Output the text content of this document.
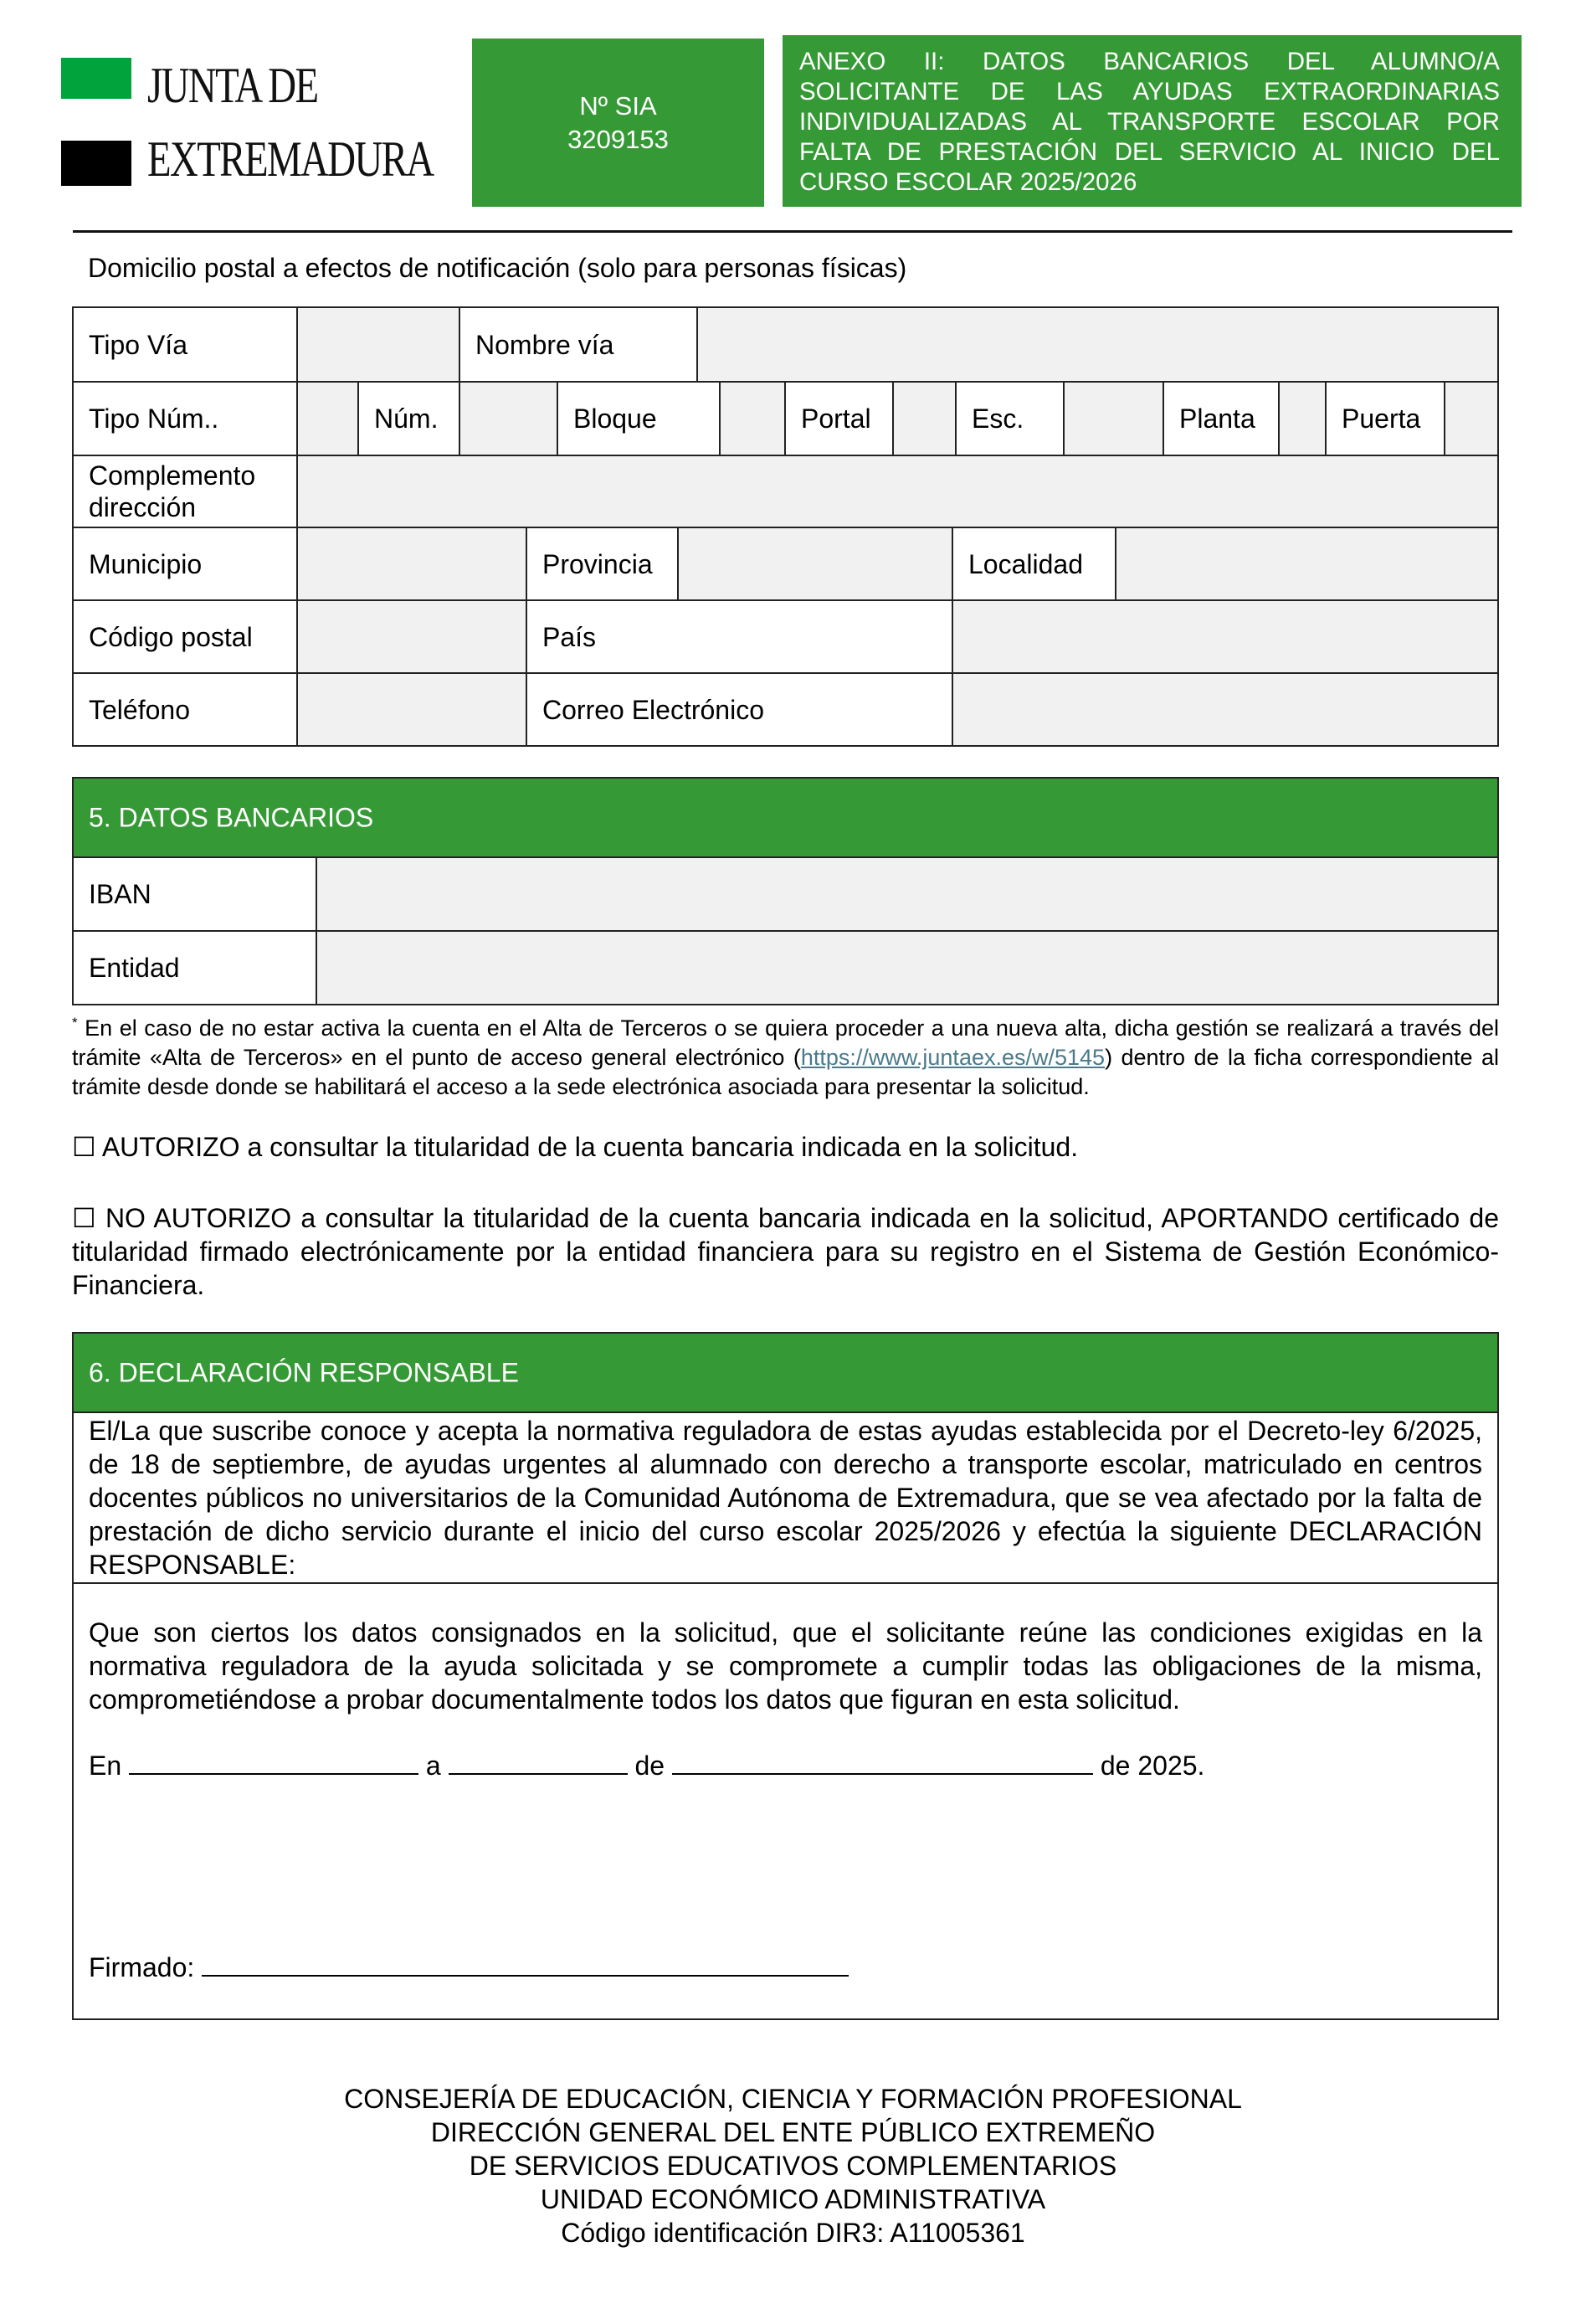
JUNTA DE
EXTREMADURA
Nº SIA
3209153
ANEXO II: DATOS BANCARIOS DEL ALUMNO/A SOLICITANTE DE LAS AYUDAS EXTRAORDINARIAS INDIVIDUALIZADAS AL TRANSPORTE ESCOLAR POR FALTA DE PRESTACIÓN DEL SERVICIO AL INICIO DEL CURSO ESCOLAR 2025/2026
Domicilio postal a efectos de notificación (solo para personas físicas)
Tipo Vía	Nombre vía
Tipo Núm..	Núm.	Bloque	Portal	Esc.	Planta	Puerta
Complemento dirección
Municipio	Provincia	Localidad
Código postal	País
Teléfono	Correo Electrónico
5. DATOS BANCARIOS
IBAN
Entidad
* En el caso de no estar activa la cuenta en el Alta de Terceros o se quiera proceder a una nueva alta, dicha gestión se realizará a través del trámite «Alta de Terceros» en el punto de acceso general electrónico (https://www.juntaex.es/w/5145) dentro de la ficha correspondiente al trámite desde donde se habilitará el acceso a la sede electrónica asociada para presentar la solicitud.
☐ AUTORIZO a consultar la titularidad de la cuenta bancaria indicada en la solicitud.
☐ NO AUTORIZO a consultar la titularidad de la cuenta bancaria indicada en la solicitud, APORTANDO certificado de titularidad firmado electrónicamente por la entidad financiera para su registro en el Sistema de Gestión Económico- Financiera.
6. DECLARACIÓN RESPONSABLE
El/La que suscribe conoce y acepta la normativa reguladora de estas ayudas establecida por el Decreto-ley 6/2025, de 18 de septiembre, de ayudas urgentes al alumnado con derecho a transporte escolar, matriculado en centros docentes públicos no universitarios de la Comunidad Autónoma de Extremadura, que se vea afectado por la falta de prestación de dicho servicio durante el inicio del curso escolar 2025/2026 y efectúa la siguiente DECLARACIÓN RESPONSABLE:
Que son ciertos los datos consignados en la solicitud, que el solicitante reúne las condiciones exigidas en la normativa reguladora de la ayuda solicitada y se compromete a cumplir todas las obligaciones de la misma, comprometiéndose a probar documentalmente todos los datos que figuran en esta solicitud.
En	a	de	de 2025.
Firmado:
CONSEJERÍA DE EDUCACIÓN, CIENCIA Y FORMACIÓN PROFESIONAL
DIRECCIÓN GENERAL DEL ENTE PÚBLICO EXTREMEÑO
DE SERVICIOS EDUCATIVOS COMPLEMENTARIOS
UNIDAD ECONÓMICO ADMINISTRATIVA
Código identificación DIR3: A11005361
